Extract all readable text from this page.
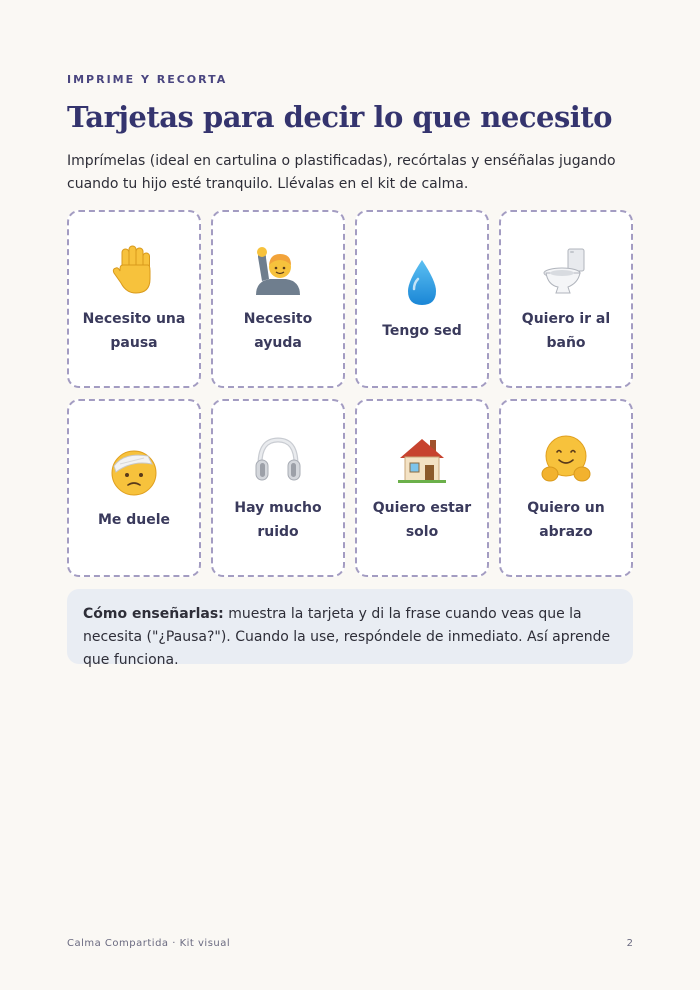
IMPRIME Y RECORTA
Tarjetas para decir lo que necesito

Imprímelas (ideal en cartulina o plastificadas), recórtalas y enséñalas jugando cuando tu hijo esté tranquilo. Llévalas en el kit de calma.

Necesito una pausa
Necesito ayuda
Tengo sed
Quiero ir al baño
Me duele
Hay mucho ruido
Quiero estar solo
Quiero un abrazo
Cómo enseñarlas: muestra la tarjeta y di la frase cuando veas que la necesita ("¿Pausa?"). Cuando la use, respóndele de inmediato. Así aprende que funciona.
Calma Compartida · Kit visual	2
